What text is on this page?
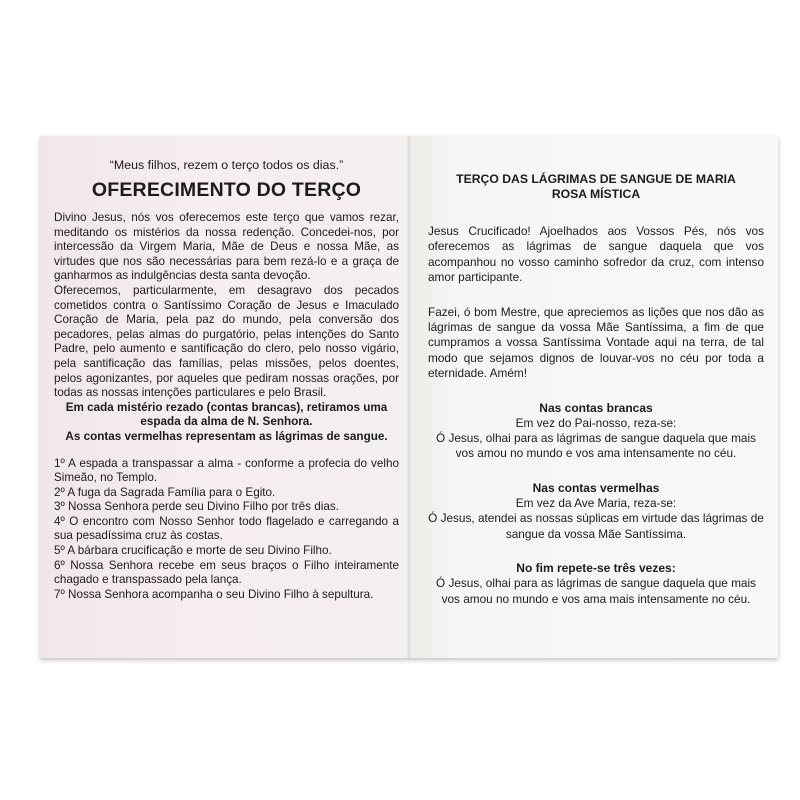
“Meus filhos, rezem o terço todos os dias.”

OFERECIMENTO DO TERÇO

Divino Jesus, nós vos oferecemos este terço que vamos rezar, meditando os mistérios da nossa redenção. Concedei-nos, por intercessão da Virgem Maria, Mãe de Deus e nossa Mãe, as virtudes que nos são necessárias para bem rezá-lo e a graça de ganharmos as indulgências desta santa devoção.

Oferecemos, particularmente, em desagravo dos pecados cometidos contra o Santíssimo Coração de Jesus e Imaculado Coração de Maria, pela paz do mundo, pela conversão dos pecadores, pelas almas do purgatório, pelas intenções do Santo Padre, pelo aumento e santificação do clero, pelo nosso vigário, pela santificação das famílias, pelas missões, pelos doentes, pelos agonizantes, por aqueles que pediram nossas orações, por todas as nossas intenções particulares e pelo Brasil.

Em cada mistério rezado (contas brancas), retiramos uma espada da alma de N. Senhora.

As contas vermelhas representam as lágrimas de sangue.

1º A espada a transpassar a alma - conforme a profecia do velho Simeão, no Templo.
2º A fuga da Sagrada Família para o Egito.
3º Nossa Senhora perde seu Divino Filho por três dias.
4º O encontro com Nosso Senhor todo flagelado e carregando a sua pesadíssima cruz às costas.
5º A bárbara crucificação e morte de seu Divino Filho.
6º Nossa Senhora recebe em seus braços o Filho inteiramente chagado e transpassado pela lança.
7º Nossa Senhora acompanha o seu Divino Filho à sepultura.
TERÇO DAS LÁGRIMAS DE SANGUE DE MARIA
ROSA MÍSTICA

Jesus Crucificado! Ajoelhados aos Vossos Pés, nós vos oferecemos as lágrimas de sangue daquela que vos acompanhou no vosso caminho sofredor da cruz, com intenso amor participante.

Fazei, ó bom Mestre, que apreciemos as lições que nos dão as lágrimas de sangue da vossa Mãe Santíssima, a fim de que cumpramos a vossa Santíssima Vontade aqui na terra, de tal modo que sejamos dignos de louvar-vos no céu por toda a eternidade. Amém!

Nas contas brancas

Em vez do Pai-nosso, reza-se:

Ó Jesus, olhai para as lágrimas de sangue daquela que mais vos amou no mundo e vos ama intensamente no céu.

Nas contas vermelhas

Em vez da Ave Maria, reza-se:

Ó Jesus, atendei as nossas súplicas em virtude das lágrimas de sangue da vossa Mãe Santíssima.

No fim repete-se três vezes:

Ó Jesus, olhai para as lágrimas de sangue daquela que mais vos amou no mundo e vos ama mais intensamente no céu.
